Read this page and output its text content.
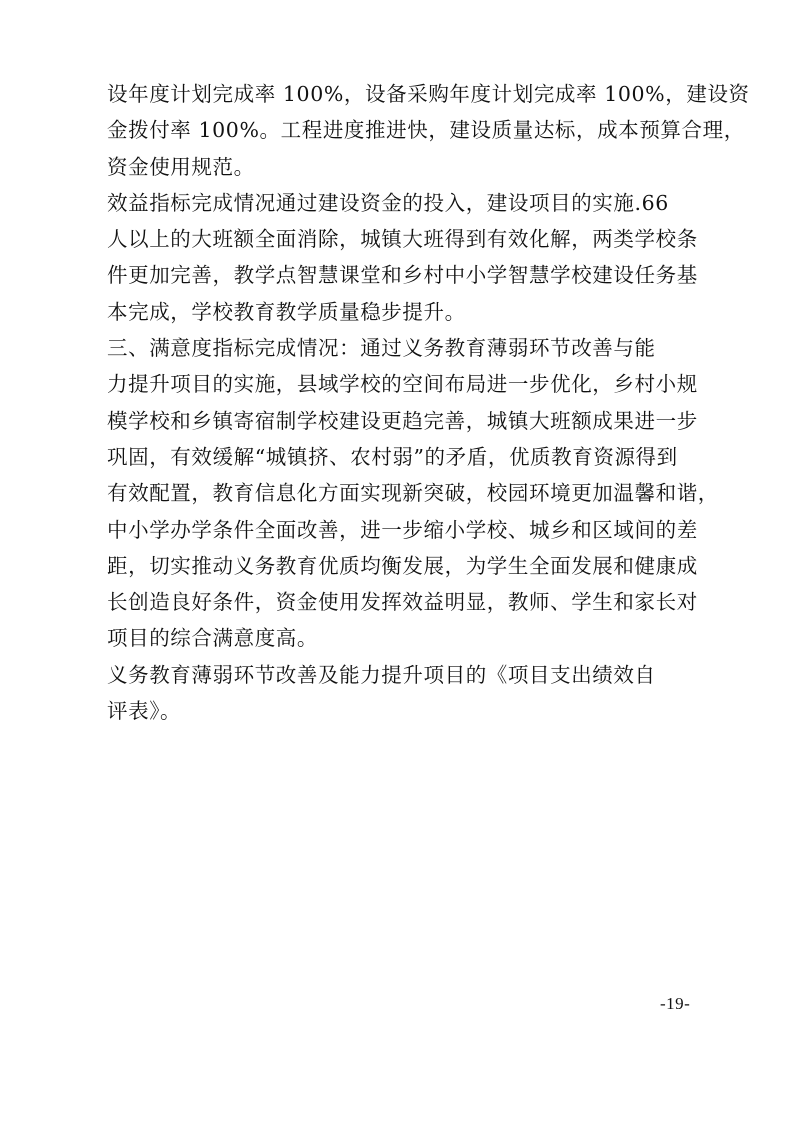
设年度计划完成率 100%，设备采购年度计划完成率 100%，建设资
金拨付率 100%。工程进度推进快，建设质量达标，成本预算合理，
资金使用规范。
效益指标完成情况通过建设资金的投入，建设项目的实施.66
人以上的大班额全面消除，城镇大班得到有效化解，两类学校条
件更加完善，教学点智慧课堂和乡村中小学智慧学校建设任务基
本完成，学校教育教学质量稳步提升。
三、满意度指标完成情况：通过义务教育薄弱环节改善与能
力提升项目的实施，县域学校的空间布局进一步优化，乡村小规
模学校和乡镇寄宿制学校建设更趋完善，城镇大班额成果进一步
巩固，有效缓解“城镇挤、农村弱”的矛盾，优质教育资源得到
有效配置，教育信息化方面实现新突破，校园环境更加温馨和谐，
中小学办学条件全面改善，进一步缩小学校、城乡和区域间的差
距，切实推动义务教育优质均衡发展，为学生全面发展和健康成
长创造良好条件，资金使用发挥效益明显，教师、学生和家长对
项目的综合满意度高。
义务教育薄弱环节改善及能力提升项目的《项目支出绩效自
评表》。
-19-
